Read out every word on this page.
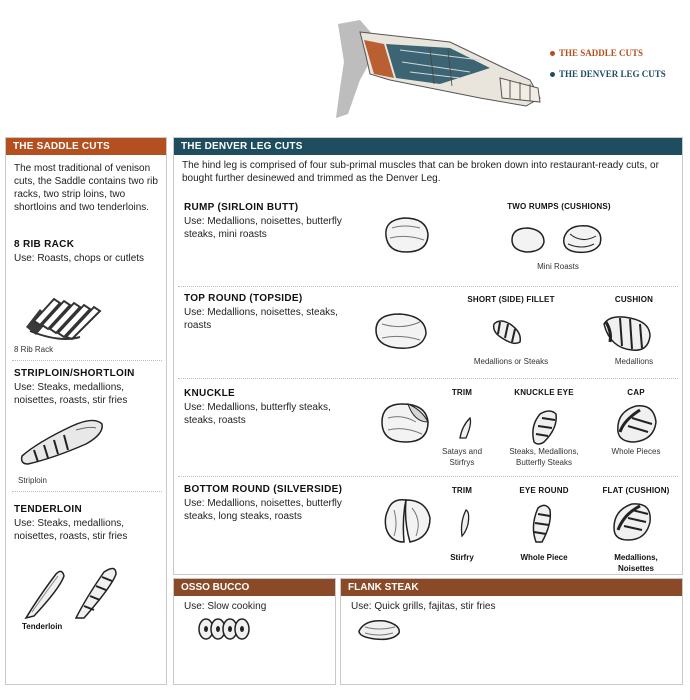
THE SADDLE CUTS
THE DENVER LEG CUTS
THE SADDLE CUTS
The most traditional of venison cuts, the Saddle contains two rib racks, two strip loins, two shortloins and two tenderloins.
8 RIB RACK
Use: Roasts, chops or cutlets
8 Rib Rack
STRIPLOIN/SHORTLOIN
Use: Steaks, medallions, noisettes, roasts, stir fries
Striploin
TENDERLOIN
Use: Steaks, medallions, noisettes, roasts, stir fries
Tenderloin
THE DENVER LEG CUTS
The hind leg is comprised of four sub-primal muscles that can be broken down into restaurant-ready cuts, or bought further desinewed and trimmed as the Denver Leg.
RUMP (SIRLOIN BUTT)
Use: Medallions, noisettes, butterfly steaks, mini roasts
TWO RUMPS (CUSHIONS)
Mini Roasts
TOP ROUND (TOPSIDE)
Use: Medallions, noisettes, steaks, roasts
SHORT (SIDE) FILLET
Medallions or Steaks
CUSHION
Medallions
KNUCKLE
Use: Medallions, butterfly steaks, steaks, roasts
TRIM
Satays and Stirfrys
KNUCKLE EYE
Steaks, Medallions, Butterfly Steaks
CAP
Whole Pieces
BOTTOM ROUND (SILVERSIDE)
Use: Medallions, noisettes, butterfly steaks, long steaks, roasts
TRIM
Stirfry
EYE ROUND
Whole Piece
FLAT (CUSHION)
Medallions, Noisettes
OSSO BUCCO
Use: Slow cooking
FLANK STEAK
Use: Quick grills, fajitas, stir fries
